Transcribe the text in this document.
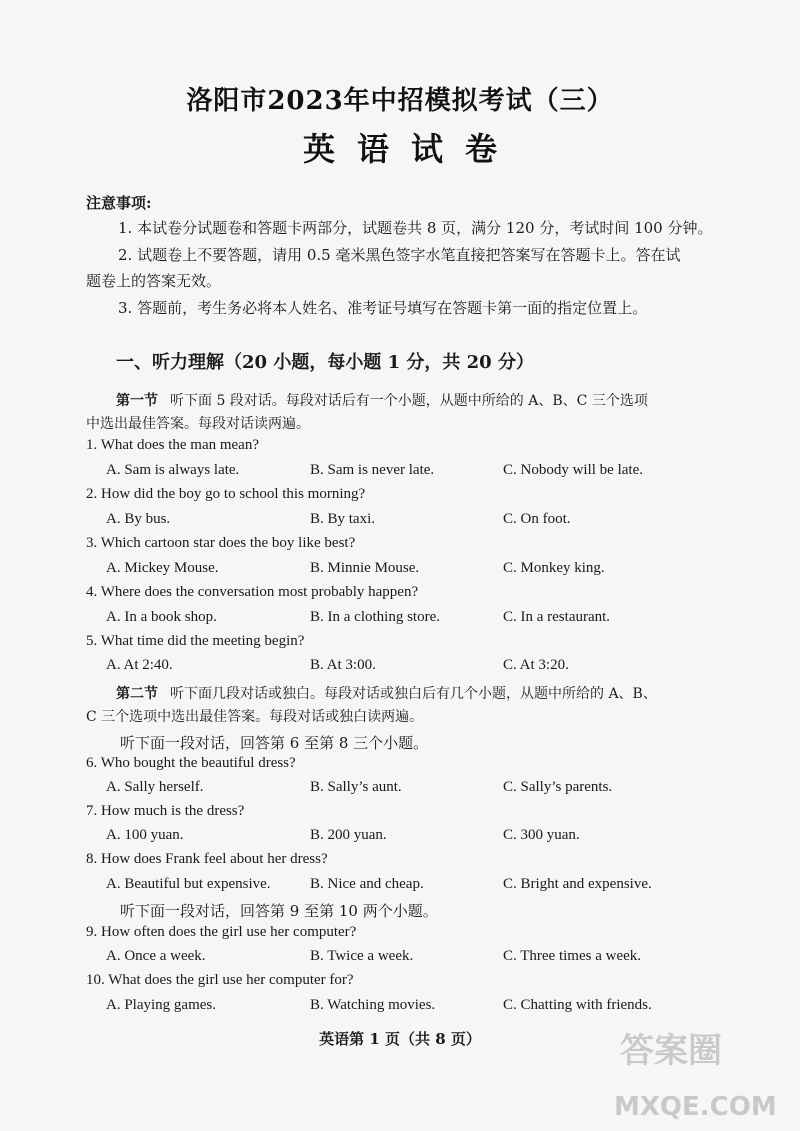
洛阳市2023年中招模拟考试（三）
英语试卷
注意事项:
1. 本试卷分试题卷和答题卡两部分，试题卷共 8 页，满分 120 分，考试时间 100 分钟。
2. 试题卷上不要答题，请用 0.5 毫米黑色签字水笔直接把答案写在答题卡上。答在试
题卷上的答案无效。
3. 答题前，考生务必将本人姓名、准考证号填写在答题卡第一面的指定位置上。
一、听力理解（20 小题，每小题 1 分，共 20 分）
第一节 听下面 5 段对话。每段对话后有一个小题，从题中所给的 A、B、C 三个选项
中选出最佳答案。每段对话读两遍。
1. What does the man mean?
A. Sam is always late.	B. Sam is never late.	C. Nobody will be late.
2. How did the boy go to school this morning?
A. By bus.	B. By taxi.	C. On foot.
3. Which cartoon star does the boy like best?
A. Mickey Mouse.	B. Minnie Mouse.	C. Monkey king.
4. Where does the conversation most probably happen?
A. In a book shop.	B. In a clothing store.	C. In a restaurant.
5. What time did the meeting begin?
A. At 2:40.	B. At 3:00.	C. At 3:20.
第二节 听下面几段对话或独白。每段对话或独白后有几个小题，从题中所给的 A、B、
C 三个选项中选出最佳答案。每段对话或独白读两遍。
听下面一段对话，回答第 6 至第 8 三个小题。
6. Who bought the beautiful dress?
A. Sally herself.	B. Sally’s aunt.	C. Sally’s parents.
7. How much is the dress?
A. 100 yuan.	B. 200 yuan.	C. 300 yuan.
8. How does Frank feel about her dress?
A. Beautiful but expensive.	B. Nice and cheap.	C. Bright and expensive.
听下面一段对话，回答第 9 至第 10 两个小题。
9. How often does the girl use her computer?
A. Once a week.	B. Twice a week.	C. Three times a week.
10. What does the girl use her computer for?
A. Playing games.	B. Watching movies.	C. Chatting with friends.
英语第 1 页（共 8 页）	答案圈
MXQE.COM
